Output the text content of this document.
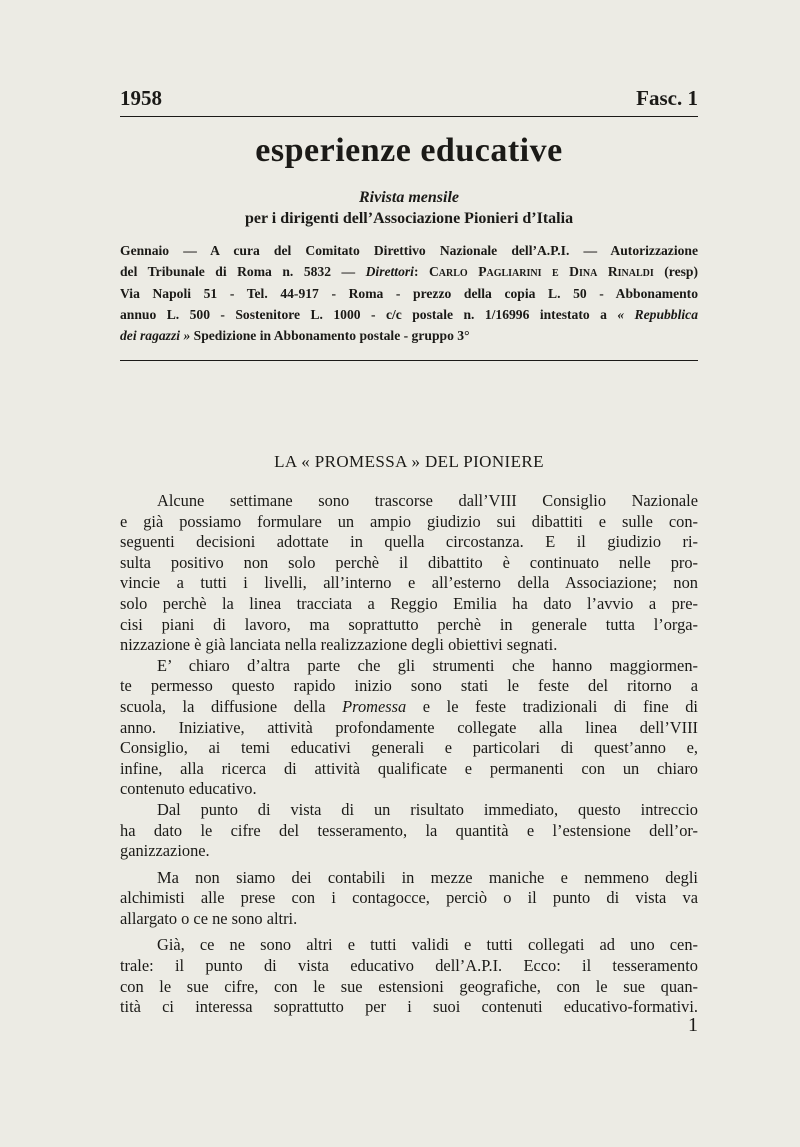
1958	Fasc. 1
esperienze educative
Rivista mensile
per i dirigenti dell’Associazione Pionieri d’Italia
Gennaio — A cura del Comitato Direttivo Nazionale dell’A.P.I. — Autorizzazione
del Tribunale di Roma n. 5832 — Direttori: Carlo Pagliarini e Dina Rinaldi (resp)
Via Napoli 51 - Tel. 44-917 - Roma - prezzo della copia L. 50 - Abbonamento
annuo L. 500 - Sostenitore L. 1000 - c/c postale n. 1/16996 intestato a « Repubblica
dei ragazzi » Spedizione in Abbonamento postale - gruppo 3°
LA « PROMESSA » DEL PIONIERE
Alcune settimane sono trascorse dall’VIII Consiglio Nazionale
e già possiamo formulare un ampio giudizio sui dibattiti e sulle con-
seguenti decisioni adottate in quella circostanza. E il giudizio ri-
sulta positivo non solo perchè il dibattito è continuato nelle pro-
vincie a tutti i livelli, all’interno e all’esterno della Associazione; non
solo perchè la linea tracciata a Reggio Emilia ha dato l’avvio a pre-
cisi piani di lavoro, ma soprattutto perchè in generale tutta l’orga-
nizzazione è già lanciata nella realizzazione degli obiettivi segnati.
E’ chiaro d’altra parte che gli strumenti che hanno maggiormen-
te permesso questo rapido inizio sono stati le feste del ritorno a
scuola, la diffusione della Promessa e le feste tradizionali di fine di
anno. Iniziative, attività profondamente collegate alla linea dell’VIII
Consiglio, ai temi educativi generali e particolari di quest’anno e,
infine, alla ricerca di attività qualificate e permanenti con un chiaro
contenuto educativo.
Dal punto di vista di un risultato immediato, questo intreccio
ha dato le cifre del tesseramento, la quantità e l’estensione dell’or-
ganizzazione.
Ma non siamo dei contabili in mezze maniche e nemmeno degli
alchimisti alle prese con i contagocce, perciò o il punto di vista va
allargato o ce ne sono altri.
Già, ce ne sono altri e tutti validi e tutti collegati ad uno cen-
trale: il punto di vista educativo dell’A.P.I. Ecco: il tesseramento
con le sue cifre, con le sue estensioni geografiche, con le sue quan-
tità ci interessa soprattutto per i suoi contenuti educativo-formativi.
1
